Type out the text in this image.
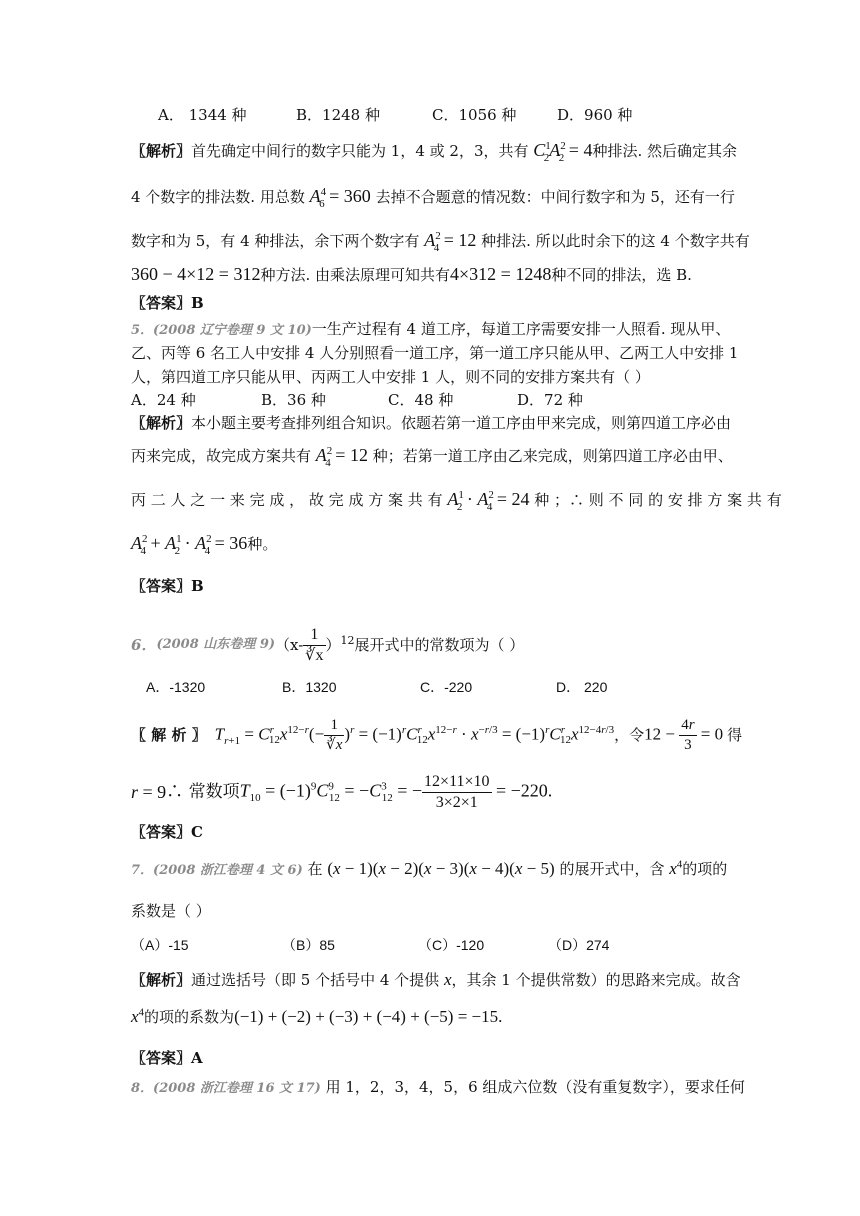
A． 1344 种	B．1248 种	C．1056 种	D．960 种
〖解析〗首先确定中间行的数字只能为 1，4 或 2，3，共有 $C^1_2A^2_2 = 4$种排法. 然后确定其余
4 个数字的排法数. 用总数 $A^4_6 = 360$ 去掉不合题意的情况数：中间行数字和为 5，还有一行
数字和为 5，有 4 种排法，余下两个数字有 $A^2_4 = 12$ 种排法. 所以此时余下的这 4 个数字共有
360 − 4×12 = 312种方法. 由乘法原理可知共有4×312 = 1248种不同的排法，选 B.
〖答案〗B
5．(2008 辽宁卷理 9 文 10)一生产过程有 4 道工序，每道工序需要安排一人照看. 现从甲、
乙、丙等 6 名工人中安排 4 人分别照看一道工序，第一道工序只能从甲、乙两工人中安排 1
人，第四道工序只能从甲、丙两工人中安排 1 人，则不同的安排方案共有（ ）
A．24 种	B．36 种	C．48 种	D．72 种
〖解析〗本小题主要考查排列组合知识。依题若第一道工序由甲来完成，则第四道工序必由
丙来完成，故完成方案共有 $A^2_4 = 12$ 种；若第一道工序由乙来完成，则第四道工序必由甲、
丙 二 人 之 一 来 完 成 ， 故 完 成 方 案 共 有 $A^1_2 \cdot A^2_4 = 24$ 种 ；∴ 则 不 同 的 安 排 方 案 共 有
$A^2_4 + A^1_2 \cdot A^2_4 = 36$种。
〖答案〗B
6． (2008 山东卷理 9) $(x- \frac{1}{∛x} )^{12}$ 展开式中的常数项为（ ）
A．-1320	B．1320	C．-220	D． 220
〖 解 析 〗 $T_{r+1} = C^r_{12}x^{12-r}(- \frac{1}{∛x} )^r = (-1)^rC^r_{12}x^{12-r} \cdot x^{-r/3} = (-1)^rC^r_{12}x^{12-4r/3}$ ，令 $12 - \frac{4r}{3} = 0$ 得
r = 9 ∴ 常数项 $T_{10} = (-1)^9C^9_{12} = -C^3_{12}$ = − $\frac{12\times 11\times 10}{3\times 2\times 1} = -220$.
〖答案〗C
7．(2008 浙江卷理 4 文 6) 在 (x − 1)(x − 2)(x − 3)(x − 4)(x − 5) 的展开式中，含 $x^4$的项的
系数是（ ）
（A）-15	（B）85	（C）-120	（D）274
〖解析〗通过选括号（即 5 个括号中 4 个提供 x，其余 1 个提供常数）的思路来完成。故含
$x^4$的项的系数为(−1) + (−2) + (−3) + (−4) + (−5) = −15.
〖答案〗A
8．(2008 浙江卷理 16 文 17) 用 1，2，3，4，5，6 组成六位数（没有重复数字），要求任何
